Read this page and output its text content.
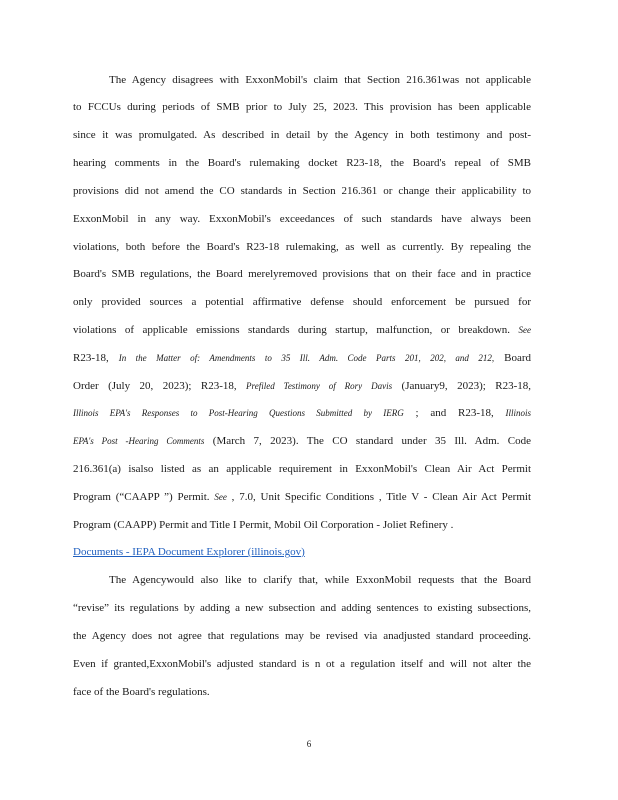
The Agency disagrees with ExxonMobil's claim that Section 216.361was not applicable
to FCCUs during periods of SMB prior to July 25, 2023. This provision has been applicable
since it was promulgated. As described in detail by the Agency in both testimony and post-
hearing comments in the Board's rulemaking docket R23-18, the Board's repeal of SMB
provisions did not amend the CO standards in Section 216.361 or change their applicability to
ExxonMobil in any way. ExxonMobil's exceedances of such standards have always been
violations, both before the Board's R23-18 rulemaking, as well as currently. By repealing the
Board's SMB regulations, the Board merelyremoved provisions that on their face and in practice
only provided sources a potential affirmative defense should enforcement be pursued for
violations of applicable emissions standards during startup, malfunction, or breakdown. See
R23-18, In the Matter of: Amendments to 35 Ill. Adm. Code Parts 201, 202, and 212, Board
Order (July 20, 2023); R23-18, Prefiled Testimony of Rory Davis (January9, 2023); R23-18,
Illinois EPA's Responses to Post-Hearing Questions Submitted by IERG ; and R23-18, Illinois
EPA's Post -Hearing Comments (March 7, 2023). The CO standard under 35 Ill. Adm. Code
216.361(a) isalso listed as an applicable requirement in ExxonMobil's Clean Air Act Permit
Program (“CAAPP ”) Permit. See , 7.0, Unit Specific Conditions , Title V - Clean Air Act Permit
Program (CAAPP) Permit and Title I Permit, Mobil Oil Corporation - Joliet Refinery .
Documents - IEPA Document Explorer (illinois.gov)
The Agencywould also like to clarify that, while ExxonMobil requests that the Board
“revise” its regulations by adding a new subsection and adding sentences to existing subsections,
the Agency does not agree that regulations may be revised via anadjusted standard proceeding.
Even if granted,ExxonMobil's adjusted standard is n ot a regulation itself and will not alter the
face of the Board's regulations.
6
